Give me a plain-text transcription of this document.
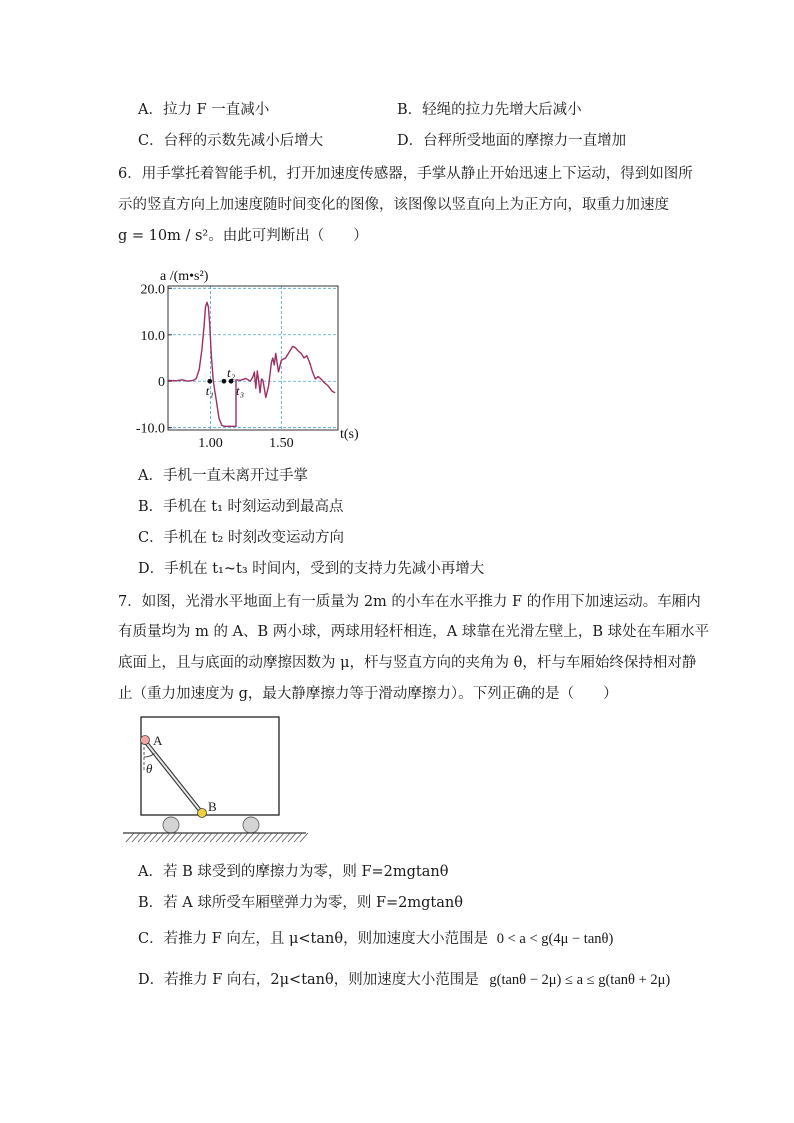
A．拉力 F 一直减小	B．轻绳的拉力先增大后减小
C．台秤的示数先减小后增大	D．台秤所受地面的摩擦力一直增加
6．用手掌托着智能手机，打开加速度传感器，手掌从静止开始迅速上下运动，得到如图所
示的竖直方向上加速度随时间变化的图像，该图像以竖直向上为正方向，取重力加速度
g = 10m / s²。由此可判断出（　　）
20.0
10.0
0
-10.0
1.00	1.50
a /(m•s²)
t(s)
t₁
t₂
t₃
A．手机一直未离开过手掌
B．手机在 t₁ 时刻运动到最高点
C．手机在 t₂ 时刻改变运动方向
D．手机在 t₁~t₃ 时间内，受到的支持力先减小再增大
7．如图，光滑水平地面上有一质量为 2m 的小车在水平推力 F 的作用下加速运动。车厢内
有质量均为 m 的 A、B 两小球，两球用轻杆相连，A 球靠在光滑左壁上，B 球处在车厢水平
底面上，且与底面的动摩擦因数为 μ，杆与竖直方向的夹角为 θ，杆与车厢始终保持相对静
止（重力加速度为 g，最大静摩擦力等于滑动摩擦力）。下列正确的是（　　）
θ
A
B
A．若 B 球受到的摩擦力为零，则 F=2mgtanθ
B．若 A 球所受车厢壁弹力为零，则 F=2mgtanθ
C．若推力 F 向左，且 μ<tanθ，则加速度大小范围是 0 < a < g(4μ − tanθ)
D．若推力 F 向右，2μ<tanθ，则加速度大小范围是 g(tanθ − 2μ) ≤ a ≤ g(tanθ + 2μ)
